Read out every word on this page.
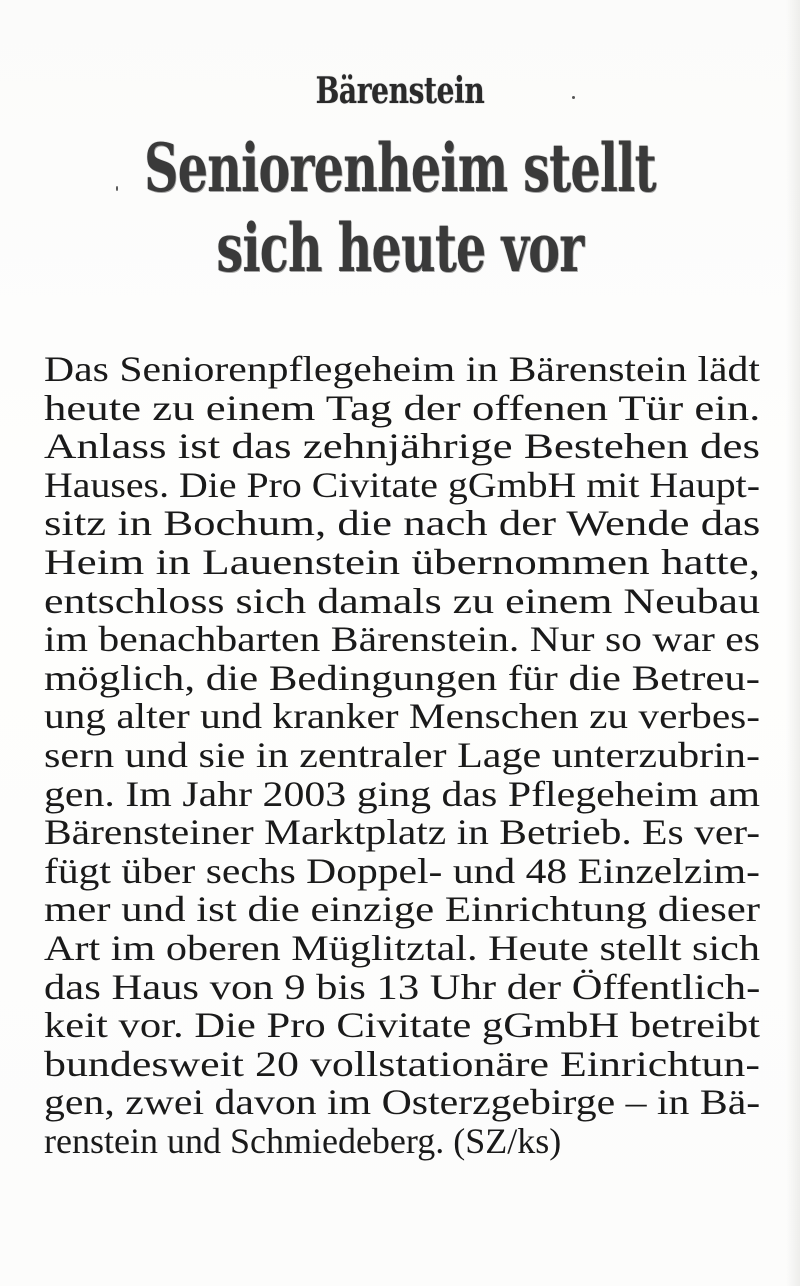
Bärenstein
Seniorenheim stellt
sich heute vor
Das Seniorenpflegeheim in Bärenstein lädt
heute zu einem Tag der offenen Tür ein.
Anlass ist das zehnjährige Bestehen des
Hauses. Die Pro Civitate gGmbH mit Haupt-
sitz in Bochum, die nach der Wende das
Heim in Lauenstein übernommen hatte,
entschloss sich damals zu einem Neubau
im benachbarten Bärenstein. Nur so war es
möglich, die Bedingungen für die Betreu-
ung alter und kranker Menschen zu verbes-
sern und sie in zentraler Lage unterzubrin-
gen. Im Jahr 2003 ging das Pflegeheim am
Bärensteiner Marktplatz in Betrieb. Es ver-
fügt über sechs Doppel- und 48 Einzelzim-
mer und ist die einzige Einrichtung dieser
Art im oberen Müglitztal. Heute stellt sich
das Haus von 9 bis 13 Uhr der Öffentlich-
keit vor. Die Pro Civitate gGmbH betreibt
bundesweit 20 vollstationäre Einrichtun-
gen, zwei davon im Osterzgebirge – in Bä-
renstein und Schmiedeberg. (SZ/ks)
